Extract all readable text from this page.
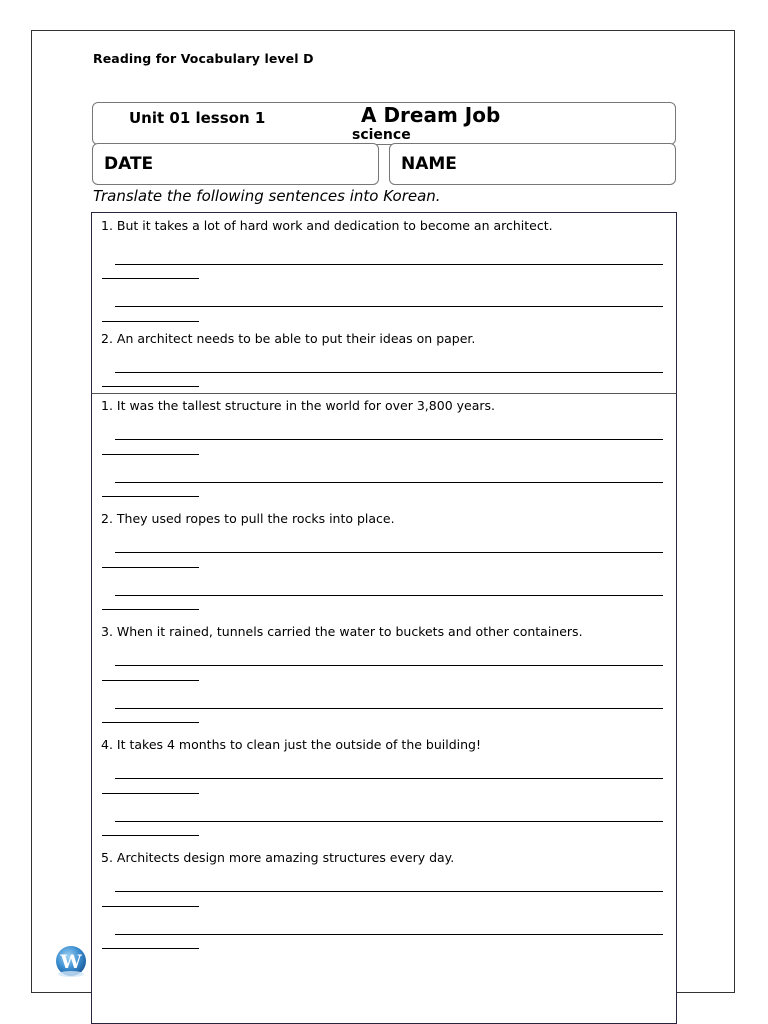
Reading for Vocabulary level D
Unit 01 lesson 1	A Dream Job
science
DATE	NAME
Translate the following sentences into Korean.
1. But it takes a lot of hard work and dedication to become an architect.
2. An architect needs to be able to put their ideas on paper.
1. It was the tallest structure in the world for over 3,800 years.
2. They used ropes to pull the rocks into place.
3. When it rained, tunnels carried the water to buckets and other containers.
4. It takes 4 months to clean just the outside of the building!
5. Architects design more amazing structures every day.
W
